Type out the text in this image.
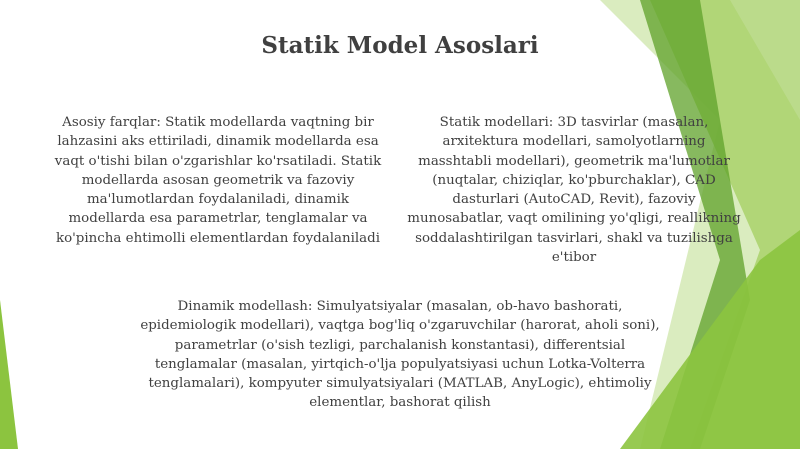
Statik Model Asoslari
Asosiy farqlar: Statik modellarda vaqtning bir lahzasini aks ettiriladi, dinamik modellarda esa vaqt o'tishi bilan o'zgarishlar ko'rsatiladi. Statik modellarda asosan geometrik va fazoviy ma'lumotlardan foydalaniladi, dinamik modellarda esa parametrlar, tenglamalar va ko'pincha ehtimolli elementlardan foydalaniladi
Statik modellari: 3D tasvirlar (masalan, arxitektura modellari, samolyotlarning masshtabli modellari), geometrik ma'lumotlar (nuqtalar, chiziqlar, ko'pburchaklar), CAD dasturlari (AutoCAD, Revit), fazoviy munosabatlar, vaqt omilining yo'qligi, reallikning soddalashtirilgan tasvirlari, shakl va tuzilishga e'tibor
Dinamik modellash: Simulyatsiyalar (masalan, ob-havo bashorati, epidemiologik modellari), vaqtga bog'liq o'zgaruvchilar (harorat, aholi soni), parametrlar (o'sish tezligi, parchalanish konstantasi), differentsial tenglamalar (masalan, yirtqich-o'lja populyatsiyasi uchun Lotka-Volterra tenglamalari), kompyuter simulyatsiyalari (MATLAB, AnyLogic), ehtimoliy elementlar, bashorat qilish
